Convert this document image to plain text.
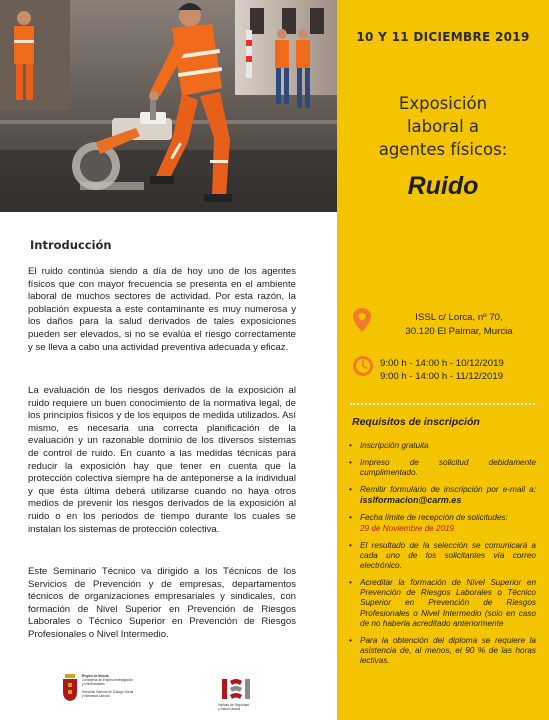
10 Y 11 DICIEMBRE 2019
Exposición
laboral a
agentes físicos:
Ruido
Introducción
El ruido continúa siendo a día de hoy uno de los agentes físicos que con mayor frecuencia se presenta en el ambiente laboral de muchos sectores de actividad. Por esta razón, la población expuesta a este contaminante es muy numerosa y los daños para la salud derivados de tales exposiciones pueden ser elevados, si no se evalúa el riesgo correctamente y se lleva a cabo una actividad preventiva adecuada y eficaz.
La evaluación de los riesgos derivados de la exposición al ruido requiere un buen conocimiento de la normativa legal, de los principios físicos y de los equipos de medida utilizados. Así mismo, es necesaria una correcta planificación de la evaluación y un razonable dominio de los diversos sistemas de control de ruido. En cuanto a las medidas técnicas para reducir la exposición hay que tener en cuenta que la protección colectiva siempre ha de anteponerse a la individual y que ésta última deberá utilizarse cuando no haya otros medios de prevenir los riesgos derivados de la exposición al ruido o en los periodos de tiempo durante los cuales se instalan los sistemas de protección colectiva.
Este Seminario Técnico va dirigido a los Técnicos de los Servicios de Prevención y de empresas, departamentos técnicos de organizaciones empresariales y sindicales, con formación de Nivel Superior en Prevención de Riesgos Laborales o Técnico Superior en Prevención de Riesgos Profesionales o Nivel Intermedio.
ISSL c/ Lorca, nº 70,
30.120 El Palmar, Murcia
9:00 h - 14:00 h - 10/12/2019
9:00 h - 14:00 h - 11/12/2019
Requisitos de inscripción
• Inscripción gratuita
• Impreso de solicitud debidamente cumplimentado.
• Remitir formulario de inscripción por e-mail a: isslformacion@carm.es
• Fecha límite de recepción de solicitudes:
29 de Noviembre de 2019
• El resultado de la selección se comunicará a cada uno de los solicitantes vía correo electrónico.
• Acreditar la formación de Nivel Superior en Prevención de Riesgos Laborales o Técnico Superior en Prevención de Riesgos Profesionales o Nivel Intermedio (solo en caso de no haberla acreditado anteriormente
• Para la obtención del diploma se requiere la asistencia de, al menos, el 90 % de las horas lectivas.
Región de Murcia
Consejería de Empleo,Investigación
y Universidades
Dirección General de Diálogo Social
y Bienestar Laboral
Instituto de Seguridad
y Salud Laboral
